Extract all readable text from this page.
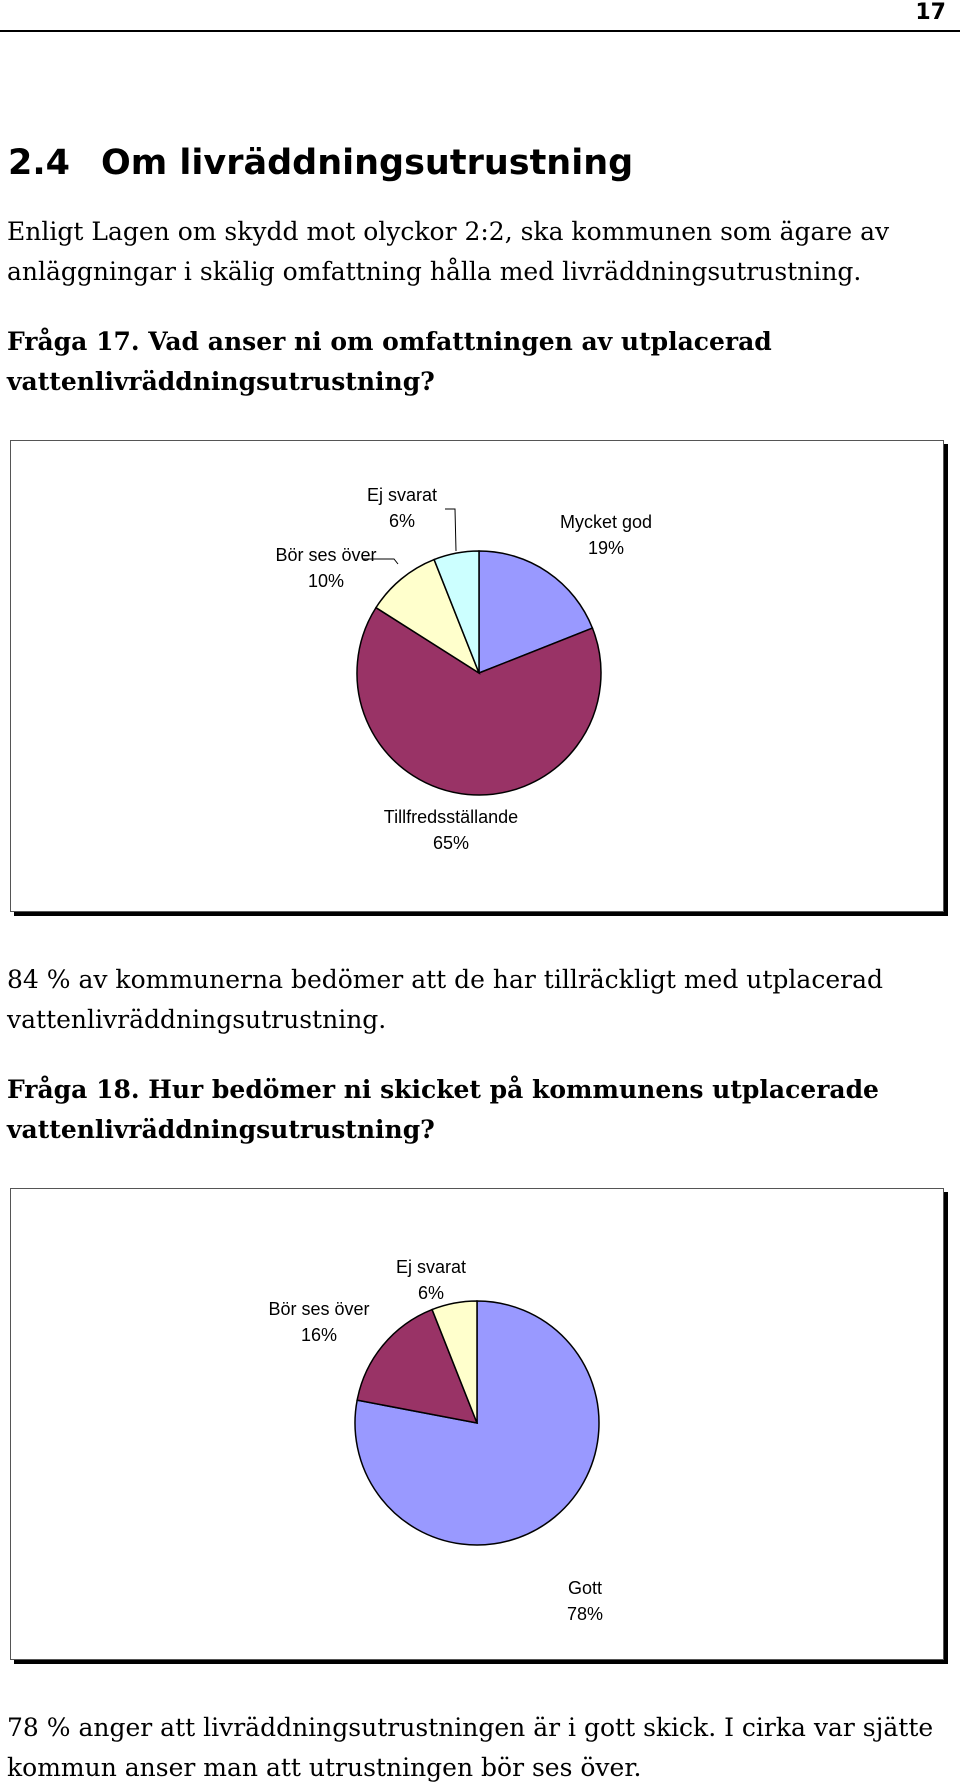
17
2.4 Om livräddningsutrustning

Enligt Lagen om skydd mot olyckor 2:2, ska kommunen som ägare av
anläggningar i skälig omfattning hålla med livräddningsutrustning.

Fråga 17. Vad anser ni om omfattningen av utplacerad
vattenlivräddningsutrustning?

Mycket god
19%
Tillfredsställande
65%
Bör ses över
10%
Ej svarat
6%

84 % av kommunerna bedömer att de har tillräckligt med utplacerad
vattenlivräddningsutrustning.

Fråga 18. Hur bedömer ni skicket på kommunens utplacerade
vattenlivräddningsutrustning?

Gott
78%
Bör ses över
16%
Ej svarat
6%

78 % anger att livräddningsutrustningen är i gott skick. I cirka var sjätte
kommun anser man att utrustningen bör ses över.
